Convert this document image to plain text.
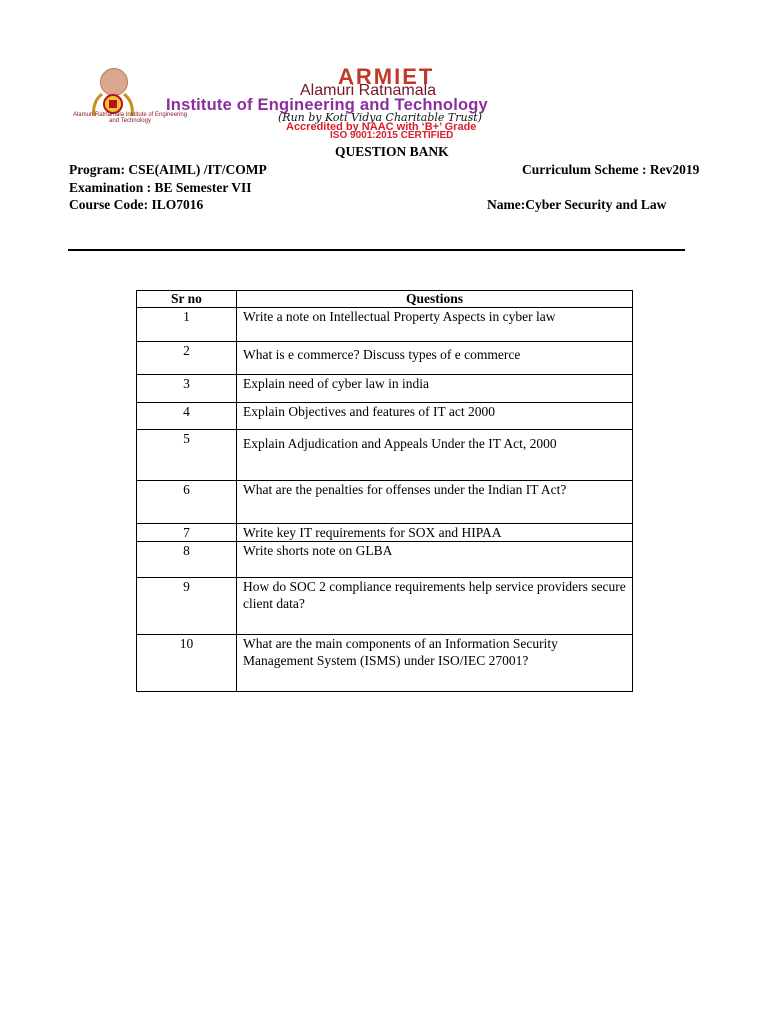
Alamuri Ratnamala Institute of Engineering and Technology
ARMIET
Alamuri Ratnamala
Institute of Engineering and Technology
(Run by Koti Vidya Charitable Trust)
Accredited by NAAC with ‘B+’ Grade
ISO 9001:2015 CERTIFIED
QUESTION BANK
Program: CSE(AIML) /IT/COMP	Curriculum Scheme : Rev2019
Examination : BE Semester VII
Course Code: ILO7016	Name:Cyber Security and Law
Sr no	Questions
1	Write a note on Intellectual Property Aspects in cyber law
2	What is e commerce? Discuss types of e commerce
3	Explain need of cyber law in india
4	Explain Objectives and features of IT act 2000
5	Explain Adjudication and Appeals Under the IT Act, 2000
6	What are the penalties for offenses under the Indian IT Act?
7	Write key IT requirements for SOX and HIPAA
8	Write shorts note on GLBA
9	How do SOC 2 compliance requirements help service providers secure client data?
10	What are the main components of an Information Security Management System (ISMS) under ISO/IEC 27001?
